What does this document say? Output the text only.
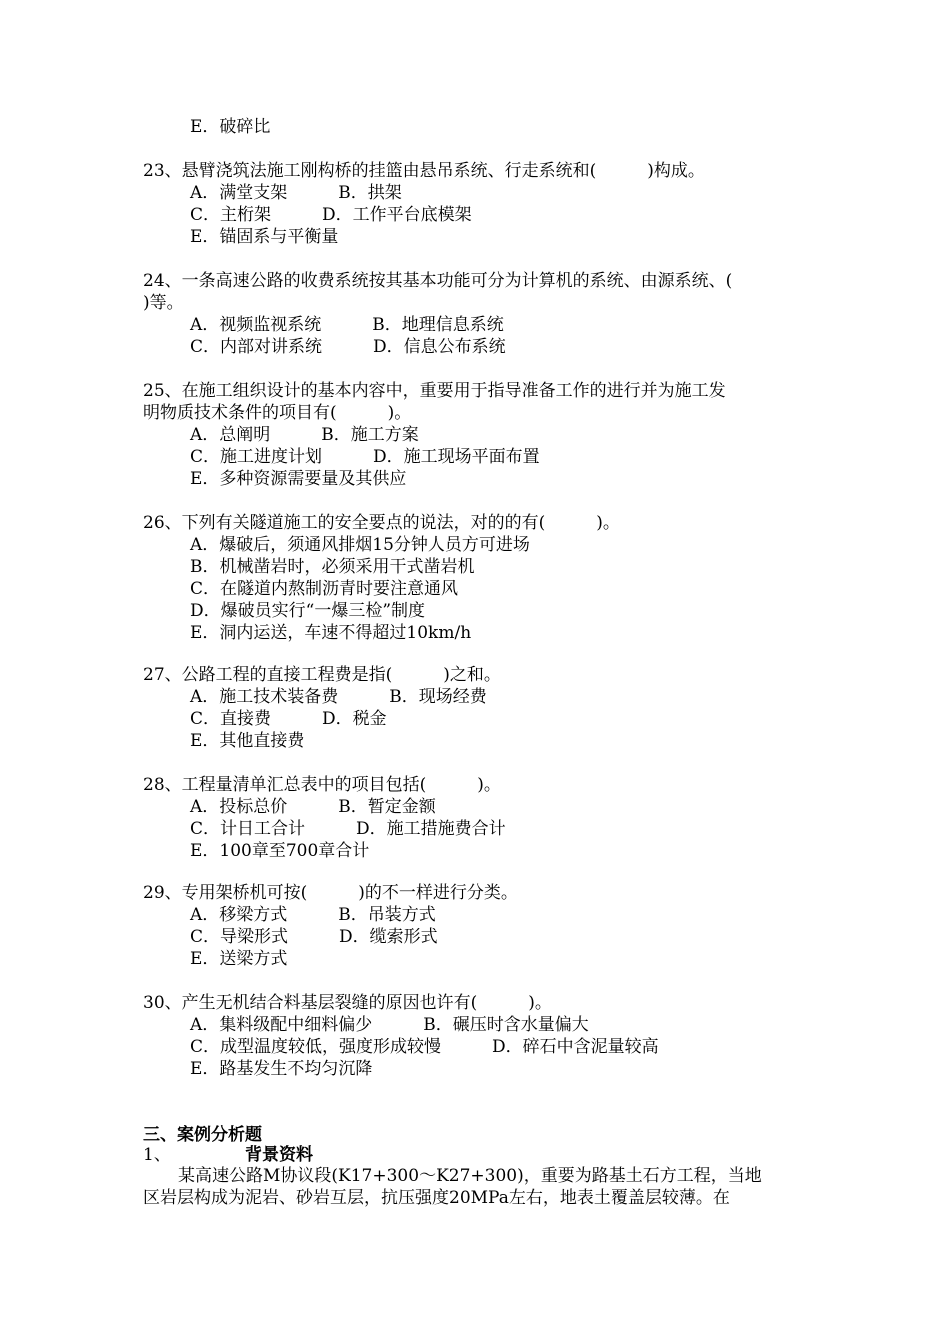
E．破碎比
23、悬臂浇筑法施工刚构桥的挂篮由悬吊系统、行走系统和(　　　)构成。
A．满堂支架　　　B．拱架
C．主桁架　　　D．工作平台底模架
E．锚固系与平衡量
24、一条高速公路的收费系统按其基本功能可分为计算机的系统、由源系统、(
)等。
A．视频监视系统　　　B．地理信息系统
C．内部对讲系统　　　D．信息公布系统
25、在施工组织设计的基本内容中，重要用于指导准备工作的进行并为施工发
明物质技术条件的项目有(　　　)。
A．总阐明　　　B．施工方案
C．施工进度计划　　　D．施工现场平面布置
E．多种资源需要量及其供应
26、下列有关隧道施工的安全要点的说法，对的的有(　　　)。
A．爆破后，须通风排烟15分钟人员方可进场
B．机械凿岩时，必须采用干式凿岩机
C．在隧道内熬制沥青时要注意通风
D．爆破员实行“一爆三检”制度
E．洞内运送，车速不得超过10km/h
27、公路工程的直接工程费是指(　　　)之和。
A．施工技术装备费　　　B．现场经费
C．直接费　　　D．税金
E．其他直接费
28、工程量清单汇总表中的项目包括(　　　)。
A．投标总价　　　B．暂定金额
C．计日工合计　　　D．施工措施费合计
E．100章至700章合计
29、专用架桥机可按(　　　)的不一样进行分类。
A．移梁方式　　　B．吊装方式
C．导梁形式　　　D．缆索形式
E．送梁方式
30、产生无机结合料基层裂缝的原因也许有(　　　)。
A．集料级配中细料偏少　　　B．碾压时含水量偏大
C．成型温度较低，强度形成较慢　　　D．碎石中含泥量较高
E．路基发生不均匀沉降
三、案例分析题
1、	背景资料
某高速公路M协议段(K17+300～K27+300)，重要为路基土石方工程，当地
区岩层构成为泥岩、砂岩互层，抗压强度20MPa左右，地表土覆盖层较薄。在
